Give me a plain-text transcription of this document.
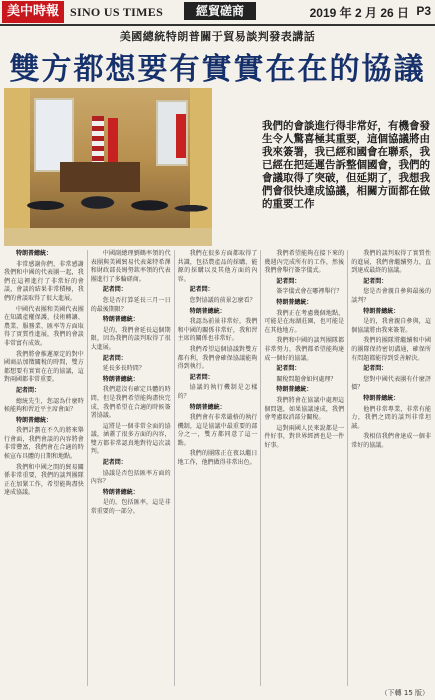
美中時報 SINO US TIMES	經貿磋商	2019 年 2 月 26 日 P3
美國總統特朗普關于貿易談判發表講話
雙方都想要有實實在在的協議
我們的會談進行得非常好，有機會發生令人驚喜極其重要，這個協議將由我來簽署，我已經和國會在聯系，我已經在把延遲告訴整個國會，我們的會議取得了突破，但延期了，我想我們會很快達成協議，相關方面都在做的重要工作

特朗普總統：

非常感謝你們，非常感謝我們和中國的代表團一起，我們在這裡進行了非常好的會談，會談的結果非常積極，我們的會談取得了很大進展。

中國代表團和美國代表團在知識產權保護、技術轉讓、農業、服務業、匯率等方面取得了實質性進展，我們的會談非常富有成效。

我們將會推遲原定的對中國商品加徵關稅的時間，雙方都想要有實實在在的協議，這對兩國都非常重要。

記者問：

總統先生，您認為什麼時候能夠和習近平主席會面？

特朗普總統：

我們計劃在不久的將來舉行會面，我們會談的內容將會非常豐富，我們會在合適的時候宣布具體的日期和地點。

我們和中國之間的貿易關係非常重要，我們的談判團隊正在加緊工作，希望能夠盡快達成協議。

中國副總理劉鶴率領的代表團與美國貿易代表萊特希澤和財政部長姆努欽率領的代表團進行了多輪磋商。

記者問：

您是否打算延長三月一日的最後期限？

特朗普總統：

是的，我們會延長這個期限，因為我們的談判取得了很大進展。

記者問：

延長多長時間？

特朗普總統：

我們還沒有確定具體的時間，但是我們希望能夠盡快完成，我們希望在合適的時候簽署協議。

這將是一個非常全面的協議，涵蓋了很多方面的內容，雙方都非常認真地對待這次談判。

記者問：

協議是否包括匯率方面的內容？

特朗普總統：

是的，包括匯率，這是非常重要的一部分。

我們在很多方面都取得了共識，包括農產品的採購、能源的採購以及其他方面的內容。

記者問：

您對協議的前景怎麼看？

特朗普總統：

我認為前景非常好，我們和中國的關係非常好，我和習主席的關係也非常好。

我們希望這個協議對雙方都有利，我們會確保協議能夠得到執行。

記者問：

協議的執行機制是怎樣的？

特朗普總統：

我們會有非常嚴格的執行機制，這是協議中最重要的部分之一，雙方都同意了這一點。

我們的團隊正在夜以繼日地工作，他們做得非常出色。

我們希望能夠在接下來的幾週內完成所有的工作，然後我們會舉行簽字儀式。

記者問：

簽字儀式會在哪裡舉行？

特朗普總統：

我們正在考慮幾個地點，可能是在海湖莊園，也可能是在其他地方。

我們和中國的談判團隊都非常努力，我們都希望能夠達成一個好的協議。

記者問：

關稅問題會如何處理？

特朗普總統：

我們將會在協議中處理這個問題，如果協議達成，我們會考慮取消部分關稅。

這對兩國人民來說都是一件好事，對世界經濟也是一件好事。

我們的談判取得了實質性的進展，我們會繼續努力，直到達成最終的協議。

記者問：

您是否會親自參與最後的談判？

特朗普總統：

是的，我會親自參與，這個協議將由我來簽署。

我們的團隊將繼續和中國的團隊保持密切溝通，確保所有問題都能得到妥善解決。

記者問：

您對中國代表團有什麼評價？

特朗普總統：

他們非常專業，非常有能力，我們之間的談判非常坦誠。

我相信我們會達成一個非常好的協議。

（下轉 15 版）
